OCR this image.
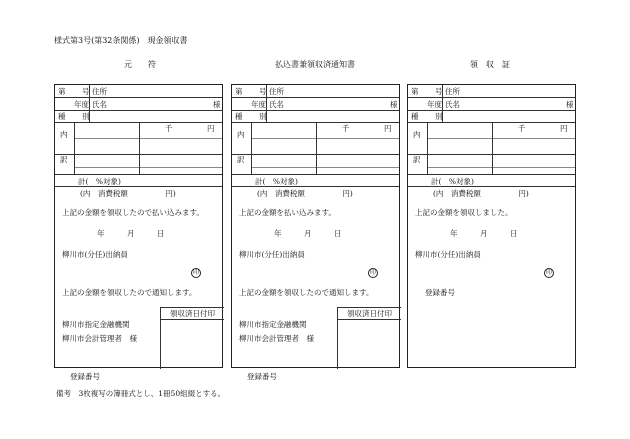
様式第3号(第32条関係)　現金領収書
元　　符	払込書兼領収済通知書	領　収　証
第 号 住所
年度 氏名	様
種 別
内
訳
千	円
計(　%対象)
(内　消費税額　　　　　円)
上記の金額を領収したので払い込みます。
年　　　月　　　日
柳川市(分任)出納員
印
上記の金額を領収したので通知します。
柳川市指定金融機関
柳川市会計管理者　様
領収済日付印
第 号 住所
年度 氏名	様
種 別
内
訳
千	円
計(　%対象)
(内　消費税額　　　　　円)
上記の金額を払い込みます。
年　　　月　　　日
柳川市(分任)出納員
印
上記の金額を領収したので通知します。
柳川市指定金融機関
柳川市会計管理者　様
領収済日付印
第 号 住所
年度 氏名	様
種 別
内
訳
千	円
計(　%対象)
(内　消費税額　　　　　円)
上記の金額を領収しました。
年　　　月　　　日
柳川市(分任)出納員
印
登録番号
登録番号	登録番号
備考　3枚複写の簿冊式とし、1冊50組綴とする。
